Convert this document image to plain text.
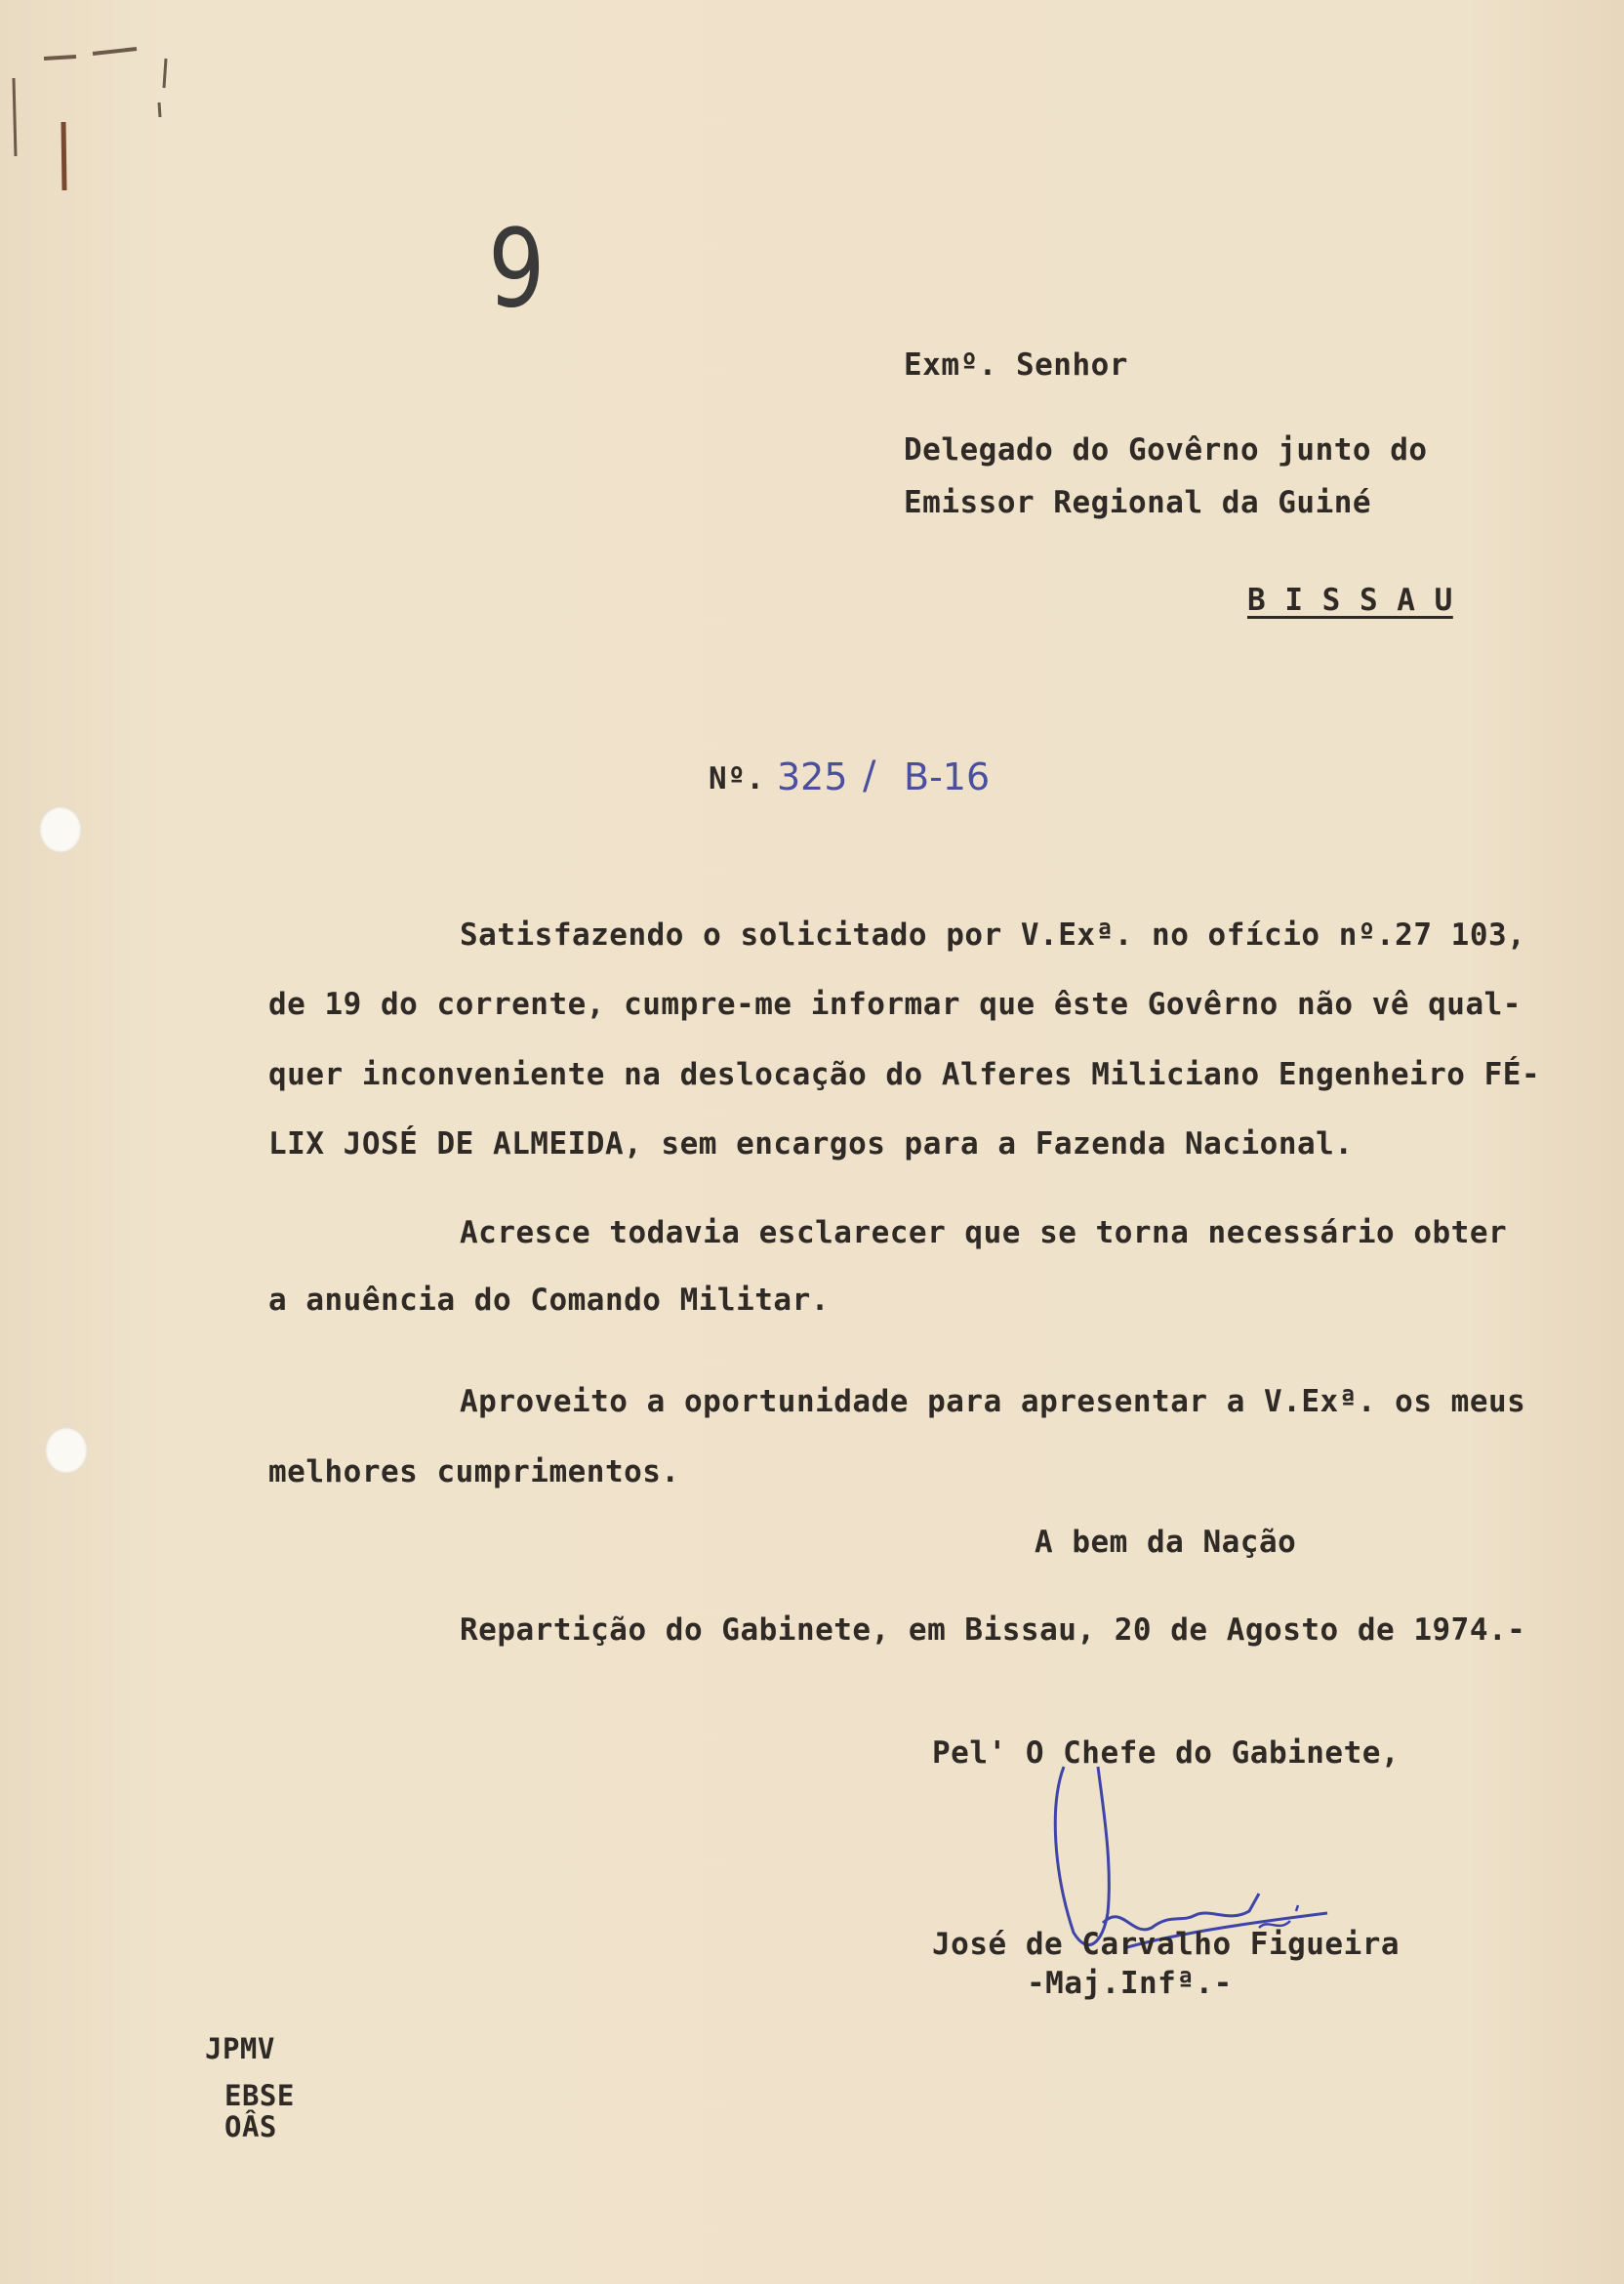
9
Exmº. Senhor
Delegado do Govêrno junto do
Emissor Regional da Guiné
B I S S A U
Nº. 325 / B-16
Satisfazendo o solicitado por V.Exª. no ofício nº.27 103,
de 19 do corrente, cumpre-me informar que êste Govêrno não vê qual-
quer inconveniente na deslocação do Alferes Miliciano Engenheiro FÉ-
LIX JOSÉ DE ALMEIDA, sem encargos para a Fazenda Nacional.
Acresce todavia esclarecer que se torna necessário obter
a anuência do Comando Militar.
Aproveito a oportunidade para apresentar a V.Exª. os meus
melhores cumprimentos.
A bem da Nação
Repartição do Gabinete, em Bissau, 20 de Agosto de 1974.-
Pel' O Chefe do Gabinete,
José de Carvalho Figueira
-Maj.Infª.-
JPMV
EBSE
OÂS
